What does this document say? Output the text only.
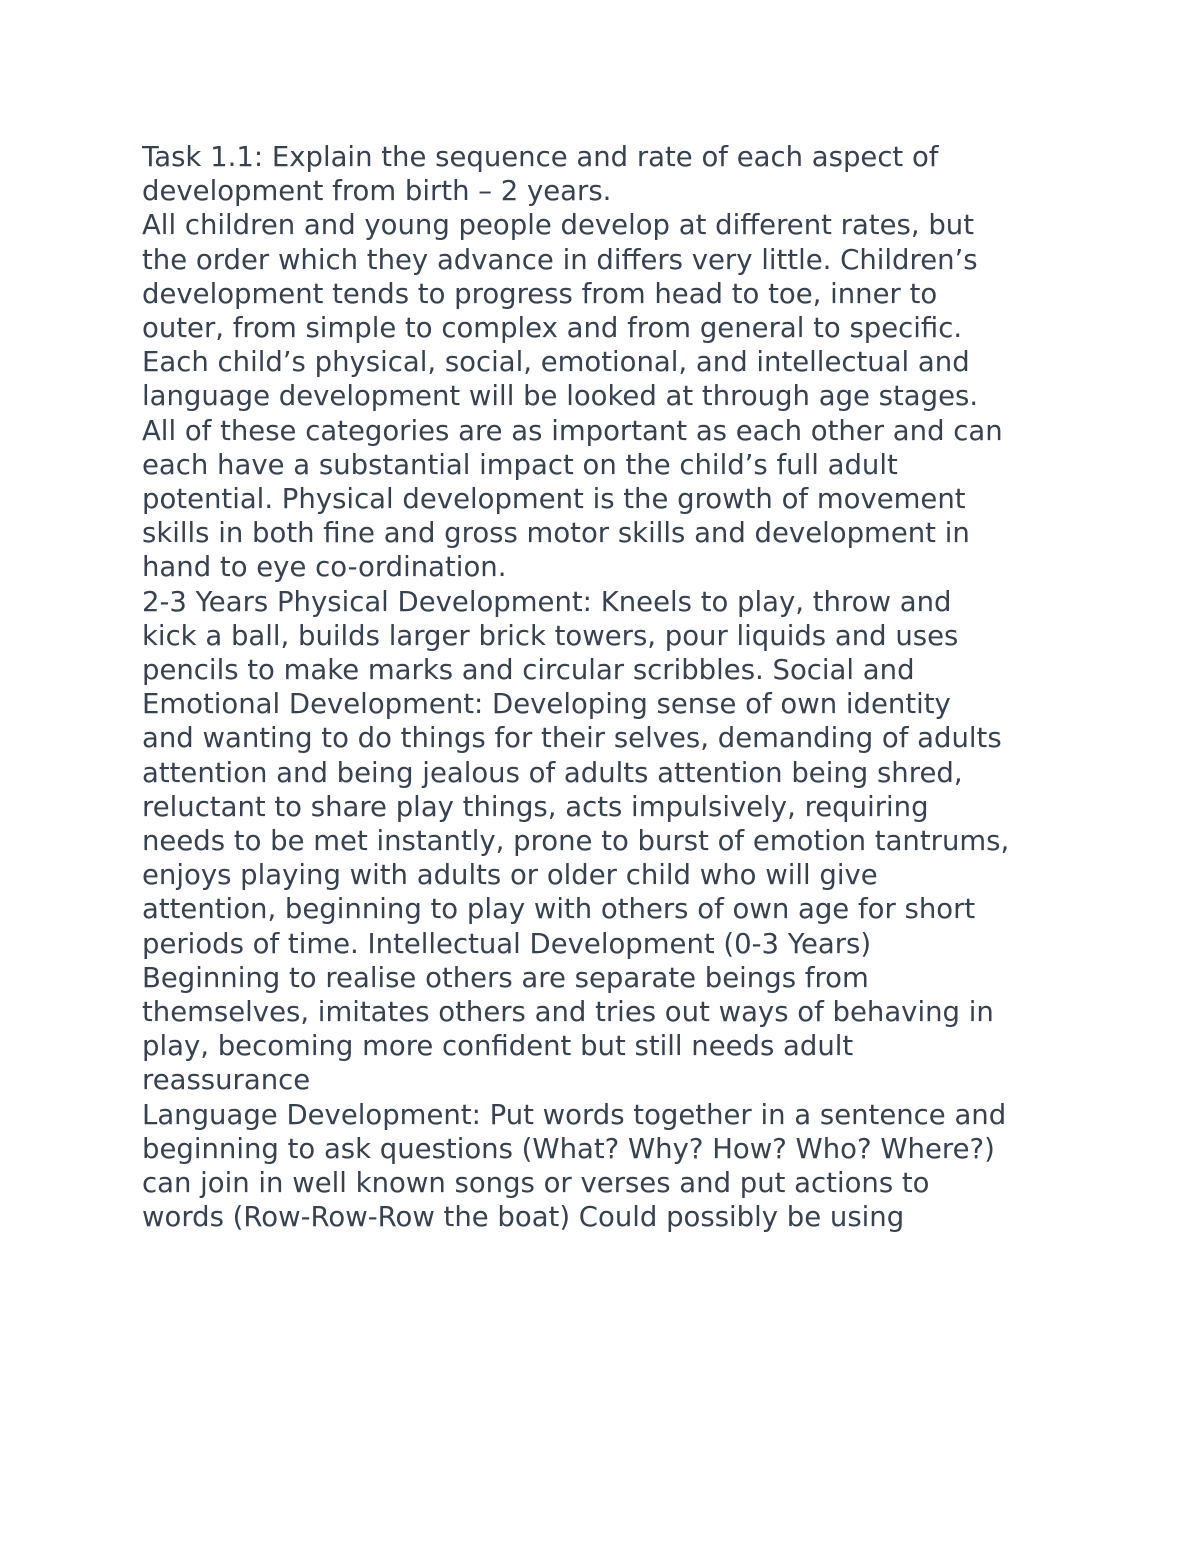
Task 1.1: Explain the sequence and rate of each aspect of
development from birth – 2 years.

All children and young people develop at different rates, but
the order which they advance in differs very little. Children’s
development tends to progress from head to toe, inner to
outer, from simple to complex and from general to specific.
Each child’s physical, social, emotional, and intellectual and
language development will be looked at through age stages.
All of these categories are as important as each other and can
each have a substantial impact on the child’s full adult
potential. Physical development is the growth of movement
skills in both fine and gross motor skills and development in
hand to eye co-ordination.

2-3 Years Physical Development: Kneels to play, throw and
kick a ball, builds larger brick towers, pour liquids and uses
pencils to make marks and circular scribbles. Social and
Emotional Development: Developing sense of own identity
and wanting to do things for their selves, demanding of adults
attention and being jealous of adults attention being shred,
reluctant to share play things, acts impulsively, requiring
needs to be met instantly, prone to burst of emotion tantrums,
enjoys playing with adults or older child who will give
attention, beginning to play with others of own age for short
periods of time. Intellectual Development (0-3 Years)
Beginning to realise others are separate beings from
themselves, imitates others and tries out ways of behaving in
play, becoming more confident but still needs adult
reassurance

Language Development: Put words together in a sentence and
beginning to ask questions (What? Why? How? Who? Where?)
can join in well known songs or verses and put actions to
words (Row-Row-Row the boat) Could possibly be using
